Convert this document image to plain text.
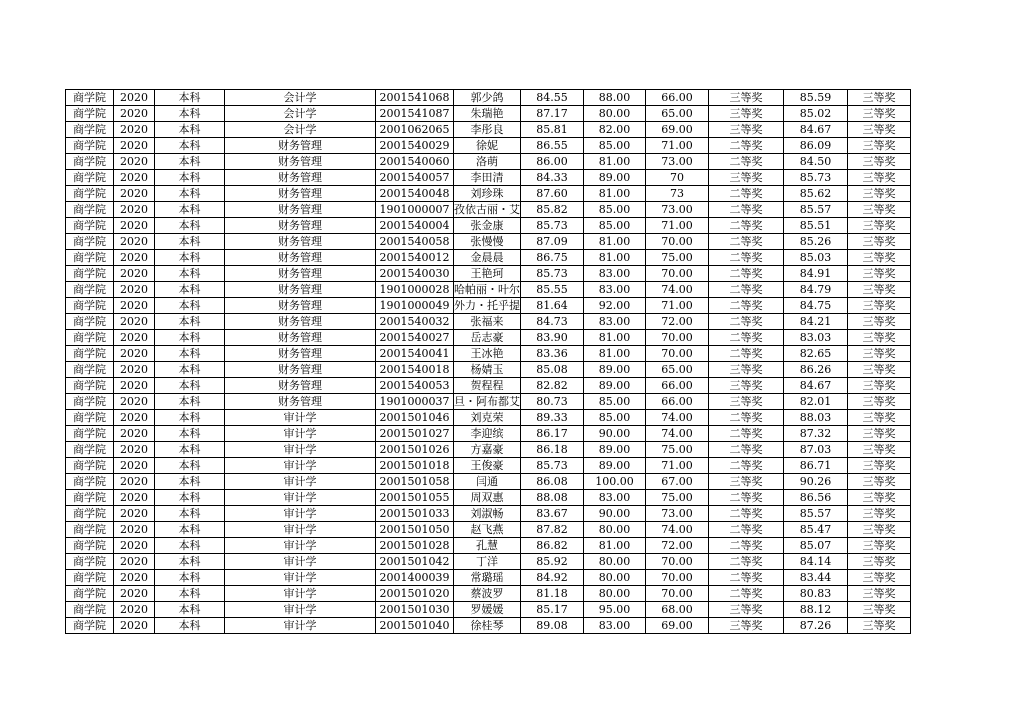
商学院	2020	本科	会计学	2001541068	郭少鸽	84.55	88.00	66.00	三等奖	85.59	三等奖
商学院	2020	本科	会计学	2001541087	朱瑞艳	87.17	80.00	65.00	三等奖	85.02	三等奖
商学院	2020	本科	会计学	2001062065	李彤良	85.81	82.00	69.00	三等奖	84.67	三等奖
商学院	2020	本科	财务管理	2001540029	徐妮	86.55	85.00	71.00	二等奖	86.09	三等奖
商学院	2020	本科	财务管理	2001540060	洛萌	86.00	81.00	73.00	二等奖	84.50	三等奖
商学院	2020	本科	财务管理	2001540057	李田清	84.33	89.00	70	三等奖	85.73	三等奖
商学院	2020	本科	财务管理	2001540048	刘珍珠	87.60	81.00	73	二等奖	85.62	三等奖
商学院	2020	本科	财务管理	1901000007	孜依古丽・艾	85.82	85.00	73.00	二等奖	85.57	三等奖
商学院	2020	本科	财务管理	2001540004	张金康	85.73	85.00	71.00	二等奖	85.51	三等奖
商学院	2020	本科	财务管理	2001540058	张慢慢	87.09	81.00	70.00	二等奖	85.26	三等奖
商学院	2020	本科	财务管理	2001540012	金晨晨	86.75	81.00	75.00	二等奖	85.03	三等奖
商学院	2020	本科	财务管理	2001540030	王艳珂	85.73	83.00	70.00	二等奖	84.91	三等奖
商学院	2020	本科	财务管理	1901000028	哈帕丽・叶尔	85.55	83.00	74.00	二等奖	84.79	三等奖
商学院	2020	本科	财务管理	1901000049	外力・托乎提	81.64	92.00	71.00	二等奖	84.75	三等奖
商学院	2020	本科	财务管理	2001540032	张福来	84.73	83.00	72.00	二等奖	84.21	三等奖
商学院	2020	本科	财务管理	2001540027	岳志豪	83.90	81.00	70.00	二等奖	83.03	三等奖
商学院	2020	本科	财务管理	2001540041	王冰艳	83.36	81.00	70.00	二等奖	82.65	三等奖
商学院	2020	本科	财务管理	2001540018	杨婧玉	85.08	89.00	65.00	三等奖	86.26	三等奖
商学院	2020	本科	财务管理	2001540053	贺程程	82.82	89.00	66.00	三等奖	84.67	三等奖
商学院	2020	本科	财务管理	1901000037	旦・阿布都艾	80.73	85.00	66.00	三等奖	82.01	三等奖
商学院	2020	本科	审计学	2001501046	刘克荣	89.33	85.00	74.00	二等奖	88.03	三等奖
商学院	2020	本科	审计学	2001501027	李迎缤	86.17	90.00	74.00	二等奖	87.32	三等奖
商学院	2020	本科	审计学	2001501026	方嘉豪	86.18	89.00	75.00	二等奖	87.03	三等奖
商学院	2020	本科	审计学	2001501018	王俊豪	85.73	89.00	71.00	二等奖	86.71	三等奖
商学院	2020	本科	审计学	2001501058	闫通	86.08	100.00	67.00	三等奖	90.26	三等奖
商学院	2020	本科	审计学	2001501055	周双惠	88.08	83.00	75.00	二等奖	86.56	三等奖
商学院	2020	本科	审计学	2001501033	刘淑畅	83.67	90.00	73.00	二等奖	85.57	三等奖
商学院	2020	本科	审计学	2001501050	赵飞燕	87.82	80.00	74.00	二等奖	85.47	三等奖
商学院	2020	本科	审计学	2001501028	孔慧	86.82	81.00	72.00	二等奖	85.07	三等奖
商学院	2020	本科	审计学	2001501042	丁洋	85.92	80.00	70.00	二等奖	84.14	三等奖
商学院	2020	本科	审计学	2001400039	常璐瑶	84.92	80.00	70.00	二等奖	83.44	三等奖
商学院	2020	本科	审计学	2001501020	蔡波罗	81.18	80.00	70.00	二等奖	80.83	三等奖
商学院	2020	本科	审计学	2001501030	罗媛媛	85.17	95.00	68.00	三等奖	88.12	三等奖
商学院	2020	本科	审计学	2001501040	徐桂琴	89.08	83.00	69.00	三等奖	87.26	三等奖
